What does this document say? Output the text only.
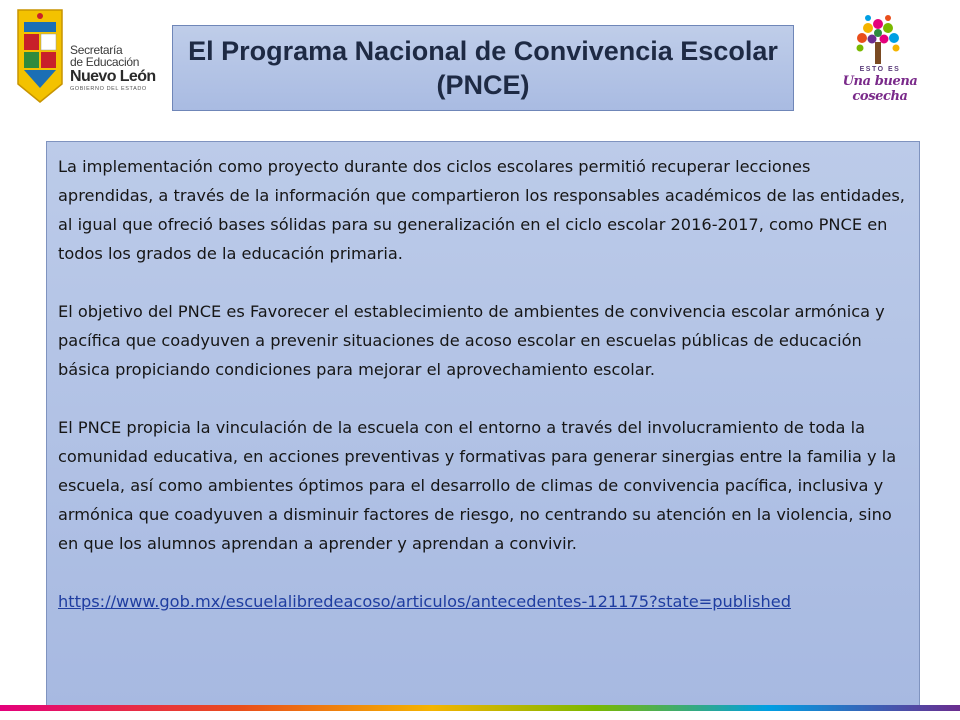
Secretaría
de Educación
Nuevo León
GOBIERNO DEL ESTADO
El Programa Nacional de Convivencia Escolar (PNCE)
ESTO ES
Una buena cosecha

La implementación como proyecto durante dos ciclos escolares permitió recuperar lecciones aprendidas, a través de la información que compartieron los responsables académicos de las entidades, al igual que ofreció bases sólidas para su generalización en el ciclo escolar 2016-2017, como PNCE en todos los grados de la educación primaria.

El objetivo del PNCE es Favorecer el establecimiento de ambientes de convivencia escolar armónica y pacífica que coadyuven a prevenir situaciones de acoso escolar en escuelas públicas de educación básica propiciando condiciones para mejorar el aprovechamiento escolar.

El PNCE propicia la vinculación de la escuela con el entorno a través del involucramiento de toda la comunidad educativa, en acciones preventivas y formativas para generar sinergias entre la familia y la escuela, así como ambientes óptimos para el desarrollo de climas de convivencia pacífica, inclusiva y armónica que coadyuven a disminuir factores de riesgo, no centrando su atención en la violencia, sino en que los alumnos aprendan a aprender y aprendan a convivir.

https://www.gob.mx/escuelalibredeacoso/articulos/antecedentes-121175?state=published
